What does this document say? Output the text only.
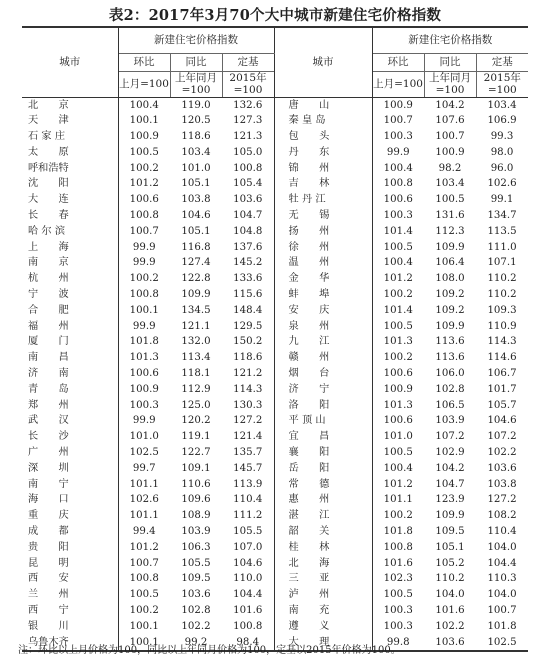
表2：2017年3月70个大中城市新建住宅价格指数
城市	新建住宅价格指数			城市	新建住宅价格指数		
	环比	同比	定基		环比	同比	定基
	上月=100	上年同月=100	2015年=100		上月=100	上年同月=100	2015年=100
北　　京	100.4	119.0	132.6	唐　　山	100.9	104.2	103.4
天　　津	100.1	120.5	127.3	秦 皇 岛	100.7	107.6	106.9
石 家 庄	100.9	118.6	121.3	包　　头	100.3	100.7	99.3
太　　原	100.5	103.4	105.0	丹　　东	99.9	100.9	98.0
呼和浩特	100.2	101.0	100.8	锦　　州	100.4	98.2	96.0
沈　　阳	101.2	105.1	105.4	吉　　林	100.8	103.4	102.6
大　　连	100.6	103.8	103.6	牡 丹 江	100.6	100.5	99.1
长　　春	100.8	104.6	104.7	无　　锡	100.3	131.6	134.7
哈 尔 滨	100.7	105.1	104.8	扬　　州	101.4	112.3	113.5
上　　海	99.9	116.8	137.6	徐　　州	100.5	109.9	111.0
南　　京	99.9	127.4	145.2	温　　州	100.4	106.4	107.1
杭　　州	100.2	122.8	133.6	金　　华	101.2	108.0	110.2
宁　　波	100.8	109.9	115.6	蚌　　埠	100.2	109.2	110.2
合　　肥	100.1	134.5	148.4	安　　庆	101.4	109.2	109.3
福　　州	99.9	121.1	129.5	泉　　州	100.5	109.9	110.9
厦　　门	101.8	132.0	150.2	九　　江	101.3	113.6	114.3
南　　昌	101.3	113.4	118.6	赣　　州	100.2	113.6	114.6
济　　南	100.6	118.1	121.2	烟　　台	100.6	106.0	106.7
青　　岛	100.9	112.9	114.3	济　　宁	100.9	102.8	101.7
郑　　州	100.3	125.0	130.3	洛　　阳	101.3	106.5	105.7
武　　汉	99.9	120.2	127.2	平 顶 山	100.6	103.9	104.6
长　　沙	101.0	119.1	121.4	宜　　昌	101.0	107.2	107.2
广　　州	102.5	122.7	135.7	襄　　阳	100.5	102.9	102.2
深　　圳	99.7	109.1	145.7	岳　　阳	100.4	104.2	103.6
南　　宁	101.1	110.6	113.9	常　　德	101.2	104.7	103.8
海　　口	102.6	109.6	110.4	惠　　州	101.1	123.9	127.2
重　　庆	101.1	108.9	111.2	湛　　江	100.2	109.9	108.2
成　　都	99.4	103.9	105.5	韶　　关	101.8	109.5	110.4
贵　　阳	101.2	106.3	107.0	桂　　林	100.8	105.1	104.0
昆　　明	100.7	105.5	104.6	北　　海	101.6	105.2	104.4
西　　安	100.8	109.5	110.0	三　　亚	102.3	110.2	110.3
兰　　州	100.5	103.6	104.4	泸　　州	100.5	104.0	104.0
西　　宁	100.2	102.8	101.6	南　　充	100.3	101.6	100.7
银　　川	100.1	102.2	100.8	遵　　义	100.3	102.2	101.8
乌鲁木齐	100.1	99.2	98.4	大　　理	99.8	103.6	102.5
注：环比以上月价格为100，同比以上年同月价格为100，定基以2015年价格为100。
